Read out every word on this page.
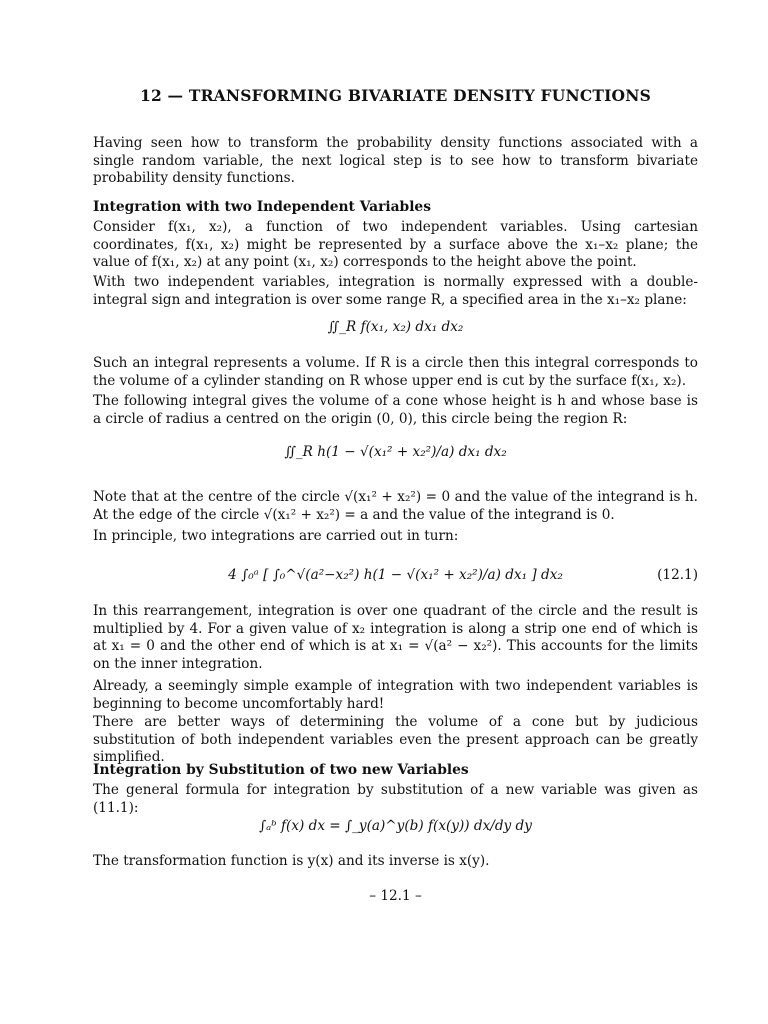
12 — TRANSFORMING BIVARIATE DENSITY FUNCTIONS
Having seen how to transform the probability density functions associated with a single random variable, the next logical step is to see how to transform bivariate probability density functions.
Integration with two Independent Variables
Consider f(x₁, x₂), a function of two independent variables. Using cartesian coordinates, f(x₁, x₂) might be represented by a surface above the x₁–x₂ plane; the value of f(x₁, x₂) at any point (x₁, x₂) corresponds to the height above the point.
With two independent variables, integration is normally expressed with a double-integral sign and integration is over some range R, a specified area in the x₁–x₂ plane:
∬_R f(x₁, x₂) dx₁ dx₂
Such an integral represents a volume. If R is a circle then this integral corresponds to the volume of a cylinder standing on R whose upper end is cut by the surface f(x₁, x₂).
The following integral gives the volume of a cone whose height is h and whose base is a circle of radius a centred on the origin (0, 0), this circle being the region R:
∬_R h(1 − √(x₁² + x₂²)/a) dx₁ dx₂
Note that at the centre of the circle √(x₁² + x₂²) = 0 and the value of the integrand is h. At the edge of the circle √(x₁² + x₂²) = a and the value of the integrand is 0.
In principle, two integrations are carried out in turn:
4 ∫₀ᵃ [ ∫₀^√(a²−x₂²) h(1 − √(x₁² + x₂²)/a) dx₁ ] dx₂	(12.1)
In this rearrangement, integration is over one quadrant of the circle and the result is multiplied by 4. For a given value of x₂ integration is along a strip one end of which is at x₁ = 0 and the other end of which is at x₁ = √(a² − x₂²). This accounts for the limits on the inner integration.
Already, a seemingly simple example of integration with two independent variables is beginning to become uncomfortably hard!
There are better ways of determining the volume of a cone but by judicious substitution of both independent variables even the present approach can be greatly simplified.
Integration by Substitution of two new Variables
The general formula for integration by substitution of a new variable was given as (11.1):
∫ₐᵇ f(x) dx = ∫_y(a)^y(b) f(x(y)) dx/dy dy
The transformation function is y(x) and its inverse is x(y).
– 12.1 –
